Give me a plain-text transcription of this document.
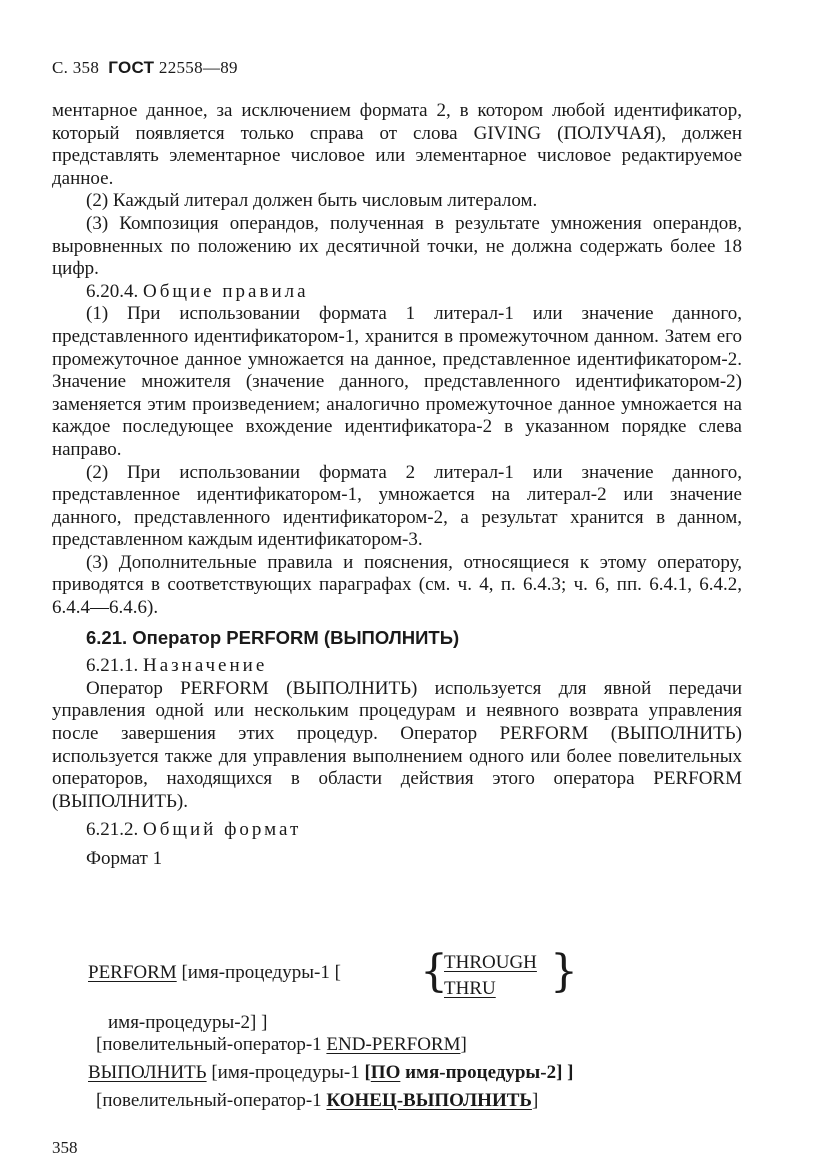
С. 358 ГОСТ 22558—89

ментарное данное, за исключением формата 2, в котором любой идентификатор, который появляется только справа от слова GIVING (ПОЛУЧАЯ), должен представлять элементарное числовое или элементарное числовое редактируемое данное.

(2) Каждый литерал должен быть числовым литералом.

(3) Композиция операндов, полученная в результате умножения операндов, выровненных по положению их десятичной точки, не должна содержать более 18 цифр.

6.20.4. Общие правила

(1) При использовании формата 1 литерал-1 или значение данного, представленного идентификатором-1, хранится в промежуточном данном. Затем его промежуточное данное умножается на данное, представленное идентификатором-2. Значение множителя (значение данного, представленного идентификатором-2) заменяется этим произведением; аналогично промежуточное данное умножается на каждое последующее вхождение идентификатора-2 в указанном порядке слева направо.

(2) При использовании формата 2 литерал-1 или значение данного, представленное идентификатором-1, умножается на литерал-2 или значение данного, представленного идентификатором-2, а результат хранится в данном, представленном каждым идентификатором-3.

(3) Дополнительные правила и пояснения, относящиеся к этому оператору, приводятся в соответствующих параграфах (см. ч. 4, п. 6.4.3; ч. 6, пп. 6.4.1, 6.4.2, 6.4.4—6.4.6).

6.21. Оператор PERFORM (ВЫПОЛНИТЬ)

6.21.1. Назначение

Оператор PERFORM (ВЫПОЛНИТЬ) используется для явной передачи управления одной или нескольким процедурам и неявного возврата управления после завершения этих процедур. Оператор PERFORM (ВЫПОЛНИТЬ) используется также для управления выполнением одного или более повелительных операторов, находящихся в области действия этого оператора PERFORM (ВЫПОЛНИТЬ).

6.21.2. Общий формат

Формат 1

PERFORM [имя-процедуры-1 [ {
THROUGH
THRU	}
имя-процедуры-2] ]
[повелительный-оператор-1 END-PERFORM]
ВЫПОЛНИТЬ [имя-процедуры-1 [ПО имя-процедуры-2] ]
[повелительный-оператор-1 КОНЕЦ-ВЫПОЛНИТЬ]
358
